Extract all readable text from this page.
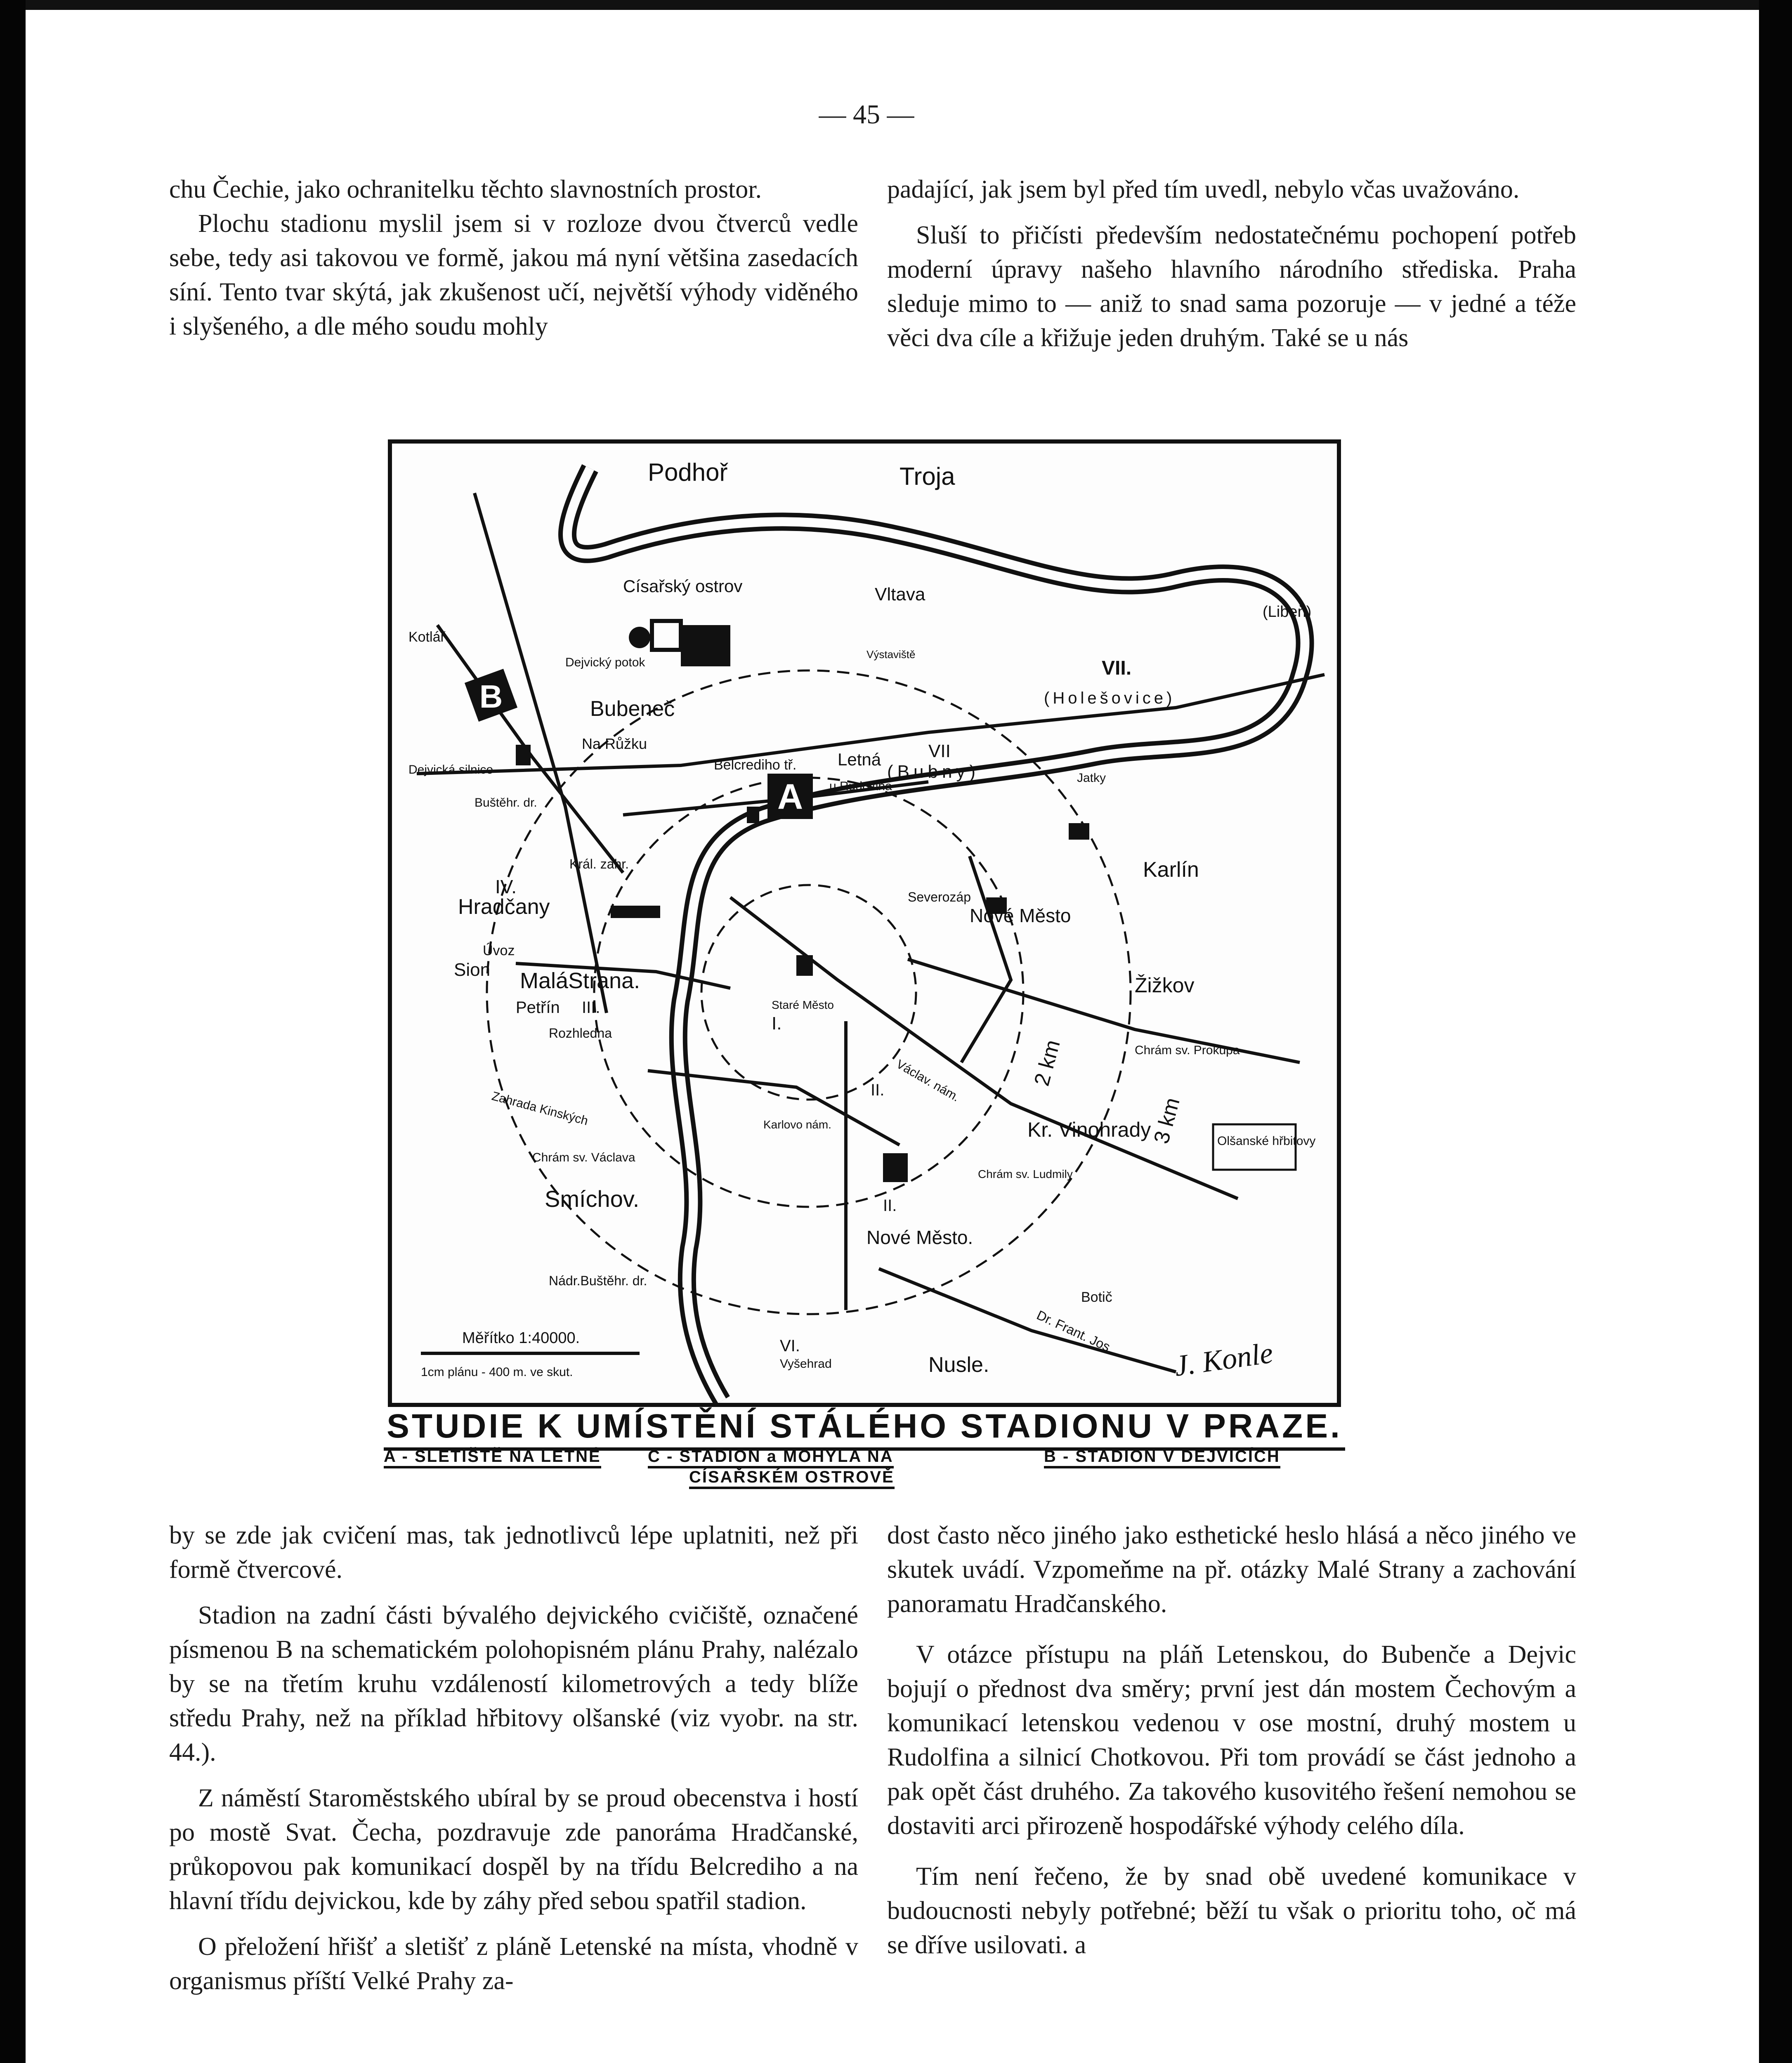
— 45 —

chu Čechie, jako ochranitelku těchto slavnostních prostor.

Plochu stadionu myslil jsem si v rozloze dvou čtverců vedle sebe, tedy asi takovou ve formě, jakou má nyní většina zasedacích síní. Tento tvar skýtá, jak zkušenost učí, největší výhody viděného i slyšeného, a dle mého soudu mohly

padající, jak jsem byl před tím uvedl, nebylo včas uvažováno.

Sluší to přičísti především nedostatečnému pochopení potřeb moderní úpravy našeho hlavního národního střediska. Praha sleduje mimo to — aniž to snad sama pozoruje — v jedné a téže věci dva cíle a křižuje jeden druhým. Také se u nás

A
B
Podhoř	Troja
Císařský ostrov	Vltava
(Libeň)
(Holešovice)
VII.
VII
(Bubny)	Jatky
Výstaviště
Kotlář
Dejvický potok
Bubeneč
Na Růžku
Dejvická silnice
Buštěhr. dr.
Belcrediho tř. Letná
u Rudolfina
Král. zahr.
IV.
Hradčany
Úvoz
Sion MaláStrana.
Petřín III.
Rozhledna
Zahrada Kinských
Chrám sv. Václava
Smíchov.
Nádr.Buštěhr. dr.
Severozáp
Nové Město
I.
Staré Město
II. Václav. nám.
Karlín
Žižkov
Chrám sv. Prokupa
Kr. Vinohrady	Olšanské hřbitovy
Chrám sv. Ludmily
II.
Nové Město.
Karlovo nám.
Botič
Dr. Frant. Jos.
VI.
Vyšehrad	Nusle.
2 km
3 km
Měřítko 1:40000.
1cm plánu - 400 m. ve skut.	J. Konle
STUDIE K UMÍSTĚNÍ STÁLÉHO STADIONU V PRAZE.
A - SLETIŠTĚ NA LETNÉ	C - STADION a MOHYLA NA	B - STADION V DEJVICÍCH
CÍSAŘSKÉM OSTROVĚ

by se zde jak cvičení mas, tak jednotlivců lépe uplatniti, než při formě čtvercové.

Stadion na zadní části bývalého dejvického cvičiště, označené písmenou B na schematickém polohopisném plánu Prahy, nalézalo by se na třetím kruhu vzdáleností kilometrových a tedy blíže středu Prahy, než na příklad hřbitovy olšanské (viz vyobr. na str. 44.).

Z náměstí Staroměstského ubíral by se proud obecenstva i hostí po mostě Svat. Čecha, pozdravuje zde panoráma Hradčanské, průkopovou pak komunikací dospěl by na třídu Belcrediho a na hlavní třídu dejvickou, kde by záhy před sebou spatřil stadion.

O přeložení hřišť a sletišť z pláně Letenské na místa, vhodně v organismus příští Velké Prahy za-

dost často něco jiného jako esthetické heslo hlásá a něco jiného ve skutek uvádí. Vzpomeňme na př. otázky Malé Strany a zachování panoramatu Hradčanského.

V otázce přístupu na pláň Letenskou, do Bubenče a Dejvic bojují o přednost dva směry; první jest dán mostem Čechovým a komunikací letenskou vedenou v ose mostní, druhý mostem u Rudolfina a silnicí Chotkovou. Při tom provádí se část jednoho a pak opět část druhého. Za takového kusovitého řešení nemohou se dostaviti arci přirozeně hospodářské výhody celého díla.

Tím není řečeno, že by snad obě uvedené komunikace v budoucnosti nebyly potřebné; běží tu však o prioritu toho, oč má se dříve usilovati. a
